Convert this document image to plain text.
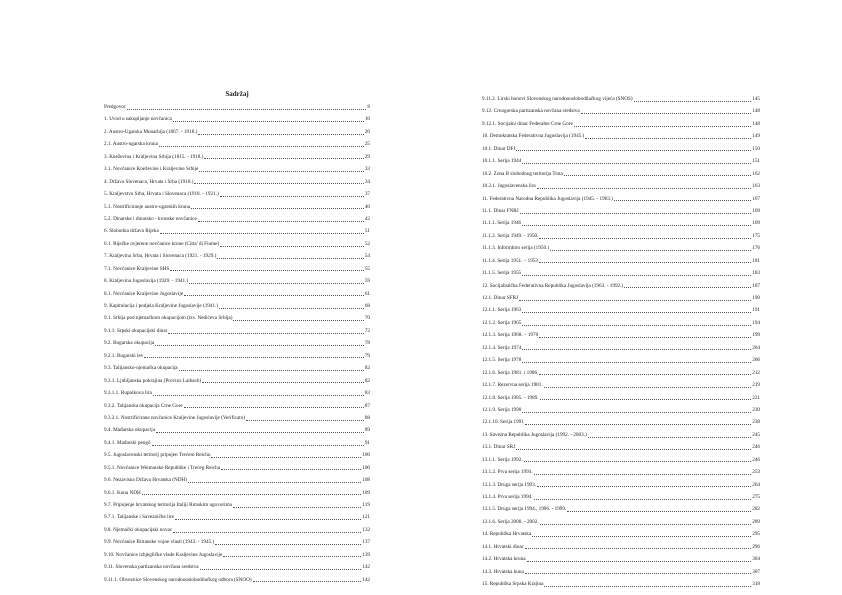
Sadržaj
Predgovor	8
1. Uvod u sakupljanje novčanica	10
2. Austro-Ugarska Monarhija (1867. - 1918.)	20
2.1. Austro-ugarska kruna	25
3. Kneževina i Kraljevina Srbija (1815. - 1918.)	29
3.1. Novčanice Kneževine i Kraljevine Srbije	33
4. Država Slovenaca, Hrvata i Srba (1918.)	34
5. Kraljevstvo Srba, Hrvata i Slovenaca (1918. - 1921.)	37
5.1. Nostrificiranje austro-ugarskih kruna	40
5.2. Dinarske i dinarsko - kronske novčanice	42
6. Slobodna država Rijeka	51
6.1. Riječke ovjerene novčanice krune (Citta' di Fiume)	52
7. Kraljevina Srba, Hrvata i Slovenaca (1921. - 1929.)	54
7.1. Novčanice Kraljevine SHS	55
8. Kraljevina Jugoslavija (1929. - 1941.)	59
8.1. Novčanice Kraljevine Jugoslavije	61
9. Kapitulacija i podjela Kraljevine Jugoslavije (1941.)	68
9.1. Srbija pod njemačkom okupacijom (tzv. Nedićeva Srbija)	70
9.1.1. Srpski okupacijski dinar	72
9.2. Bugarska okupacija	78
9.2.1. Bugarski lev	79
9.3. Talijansko-njemačka okupacija	82
9.3.1. Ljubljanska pokrajina (Provinz Laibach)	82
9.3.1.1. Rupnikova lira	83
9.3.2. Talijanska okupacija Crne Gore	87
9.3.2.1. Nostrificirane novčanice Kraljevine Jugoslavije (Verificato)	88
9.4. Mađarska okupacija	89
9.4.1. Mađarski pengő	91
9.5. Jugoslavenski teritorij pripojen Trećem Reichu	100
9.5.1. Novčanice Weimarske Republike i Trećeg Reicha	100
9.6. Nezavisna Država Hrvatska (NDH)	108
9.6.1. Kuna NDH	109
9.7. Pripojenje hrvatskog teritorija Italiji Rimskim ugovorima	119
9.7.1. Talijanske i Savezničke lire	121
9.8. Njemački okupacijski novac	132
9.9. Novčanice Britanske vojne vlasti (1943. - 1945.)	137
9.10. Novčanice izbjegličke vlade Kraljevine Jugoslavije	139
9.11. Slovenska partizanska novčana sredstva	142
9.11.1. Obveznice Slovenskog narodnooslobodilačkog odbora (SNOO)	142
9.11.2. Lirski bonovi Slovenskog narodnooslobodilačkog vijeća (SNOS)	145
9.12. Crnogorska partizanska novčana sredstva	148
9.12.1. Socijalni dinar Federalne Crne Gore	148
10. Demokratska Federativna Jugoslavija (1945.)	149
10.1. Dinar DFJ	150
10.1.1. Serija 1944	151
10.2. Zona B slobodnog teritorija Trsta	162
10.2.1. Jugoslavenska lira	163
11. Federativna Narodna Republika Jugoslavija (1945. - 1963.)	167
11.1. Dinar FNRJ	169
11.1.1. Serija 1946	169
11.1.2. Serija 1949. - 1950.	175
11.1.3. Informbiro serija (1950.)	176
11.1.4. Serija 1951. – 1953	181
11.1.5. Serija 1955	183
12. Socijalistička Federativna Republika Jugoslavija (1963. - 1992.)	187
12.1. Dinar SFRJ	190
12.1.1. Serija 1963	191
12.1.2. Serija 1965	194
12.1.3. Serija 1968. – 1970	199
12.1.4. Serija 1974	204
12.1.5. Serija 1978	206
12.1.6. Serija 1981. i 1986.	212
12.1.7. Rezervna serija 1981.	219
12.1.8. Serija 1985. - 1989.	221
12.1.9. Serija 1990	230
12.1.10. Serija 1991	238
13. Savezna Republika Jugoslavija (1992. - 2003.)	245
13.1. Dinar SRJ	246
13.1.1. Serija 1992.	246
13.1.2. Prva serija 1993.	253
13.1.3. Druga serija 1993.	264
13.1.4. Prva serija 1994.	275
13.1.5. Druga serija 1994., 1996. - 1999.	282
13.1.6. Serija 2000. - 2002.	289
14. Republika Hrvatska	295
14.1. Hrvatski dinar	296
14.2. Hrvatska kruna	304
14.3. Hrvatska kuna	307
15. Republika Srpska Krajina	318
